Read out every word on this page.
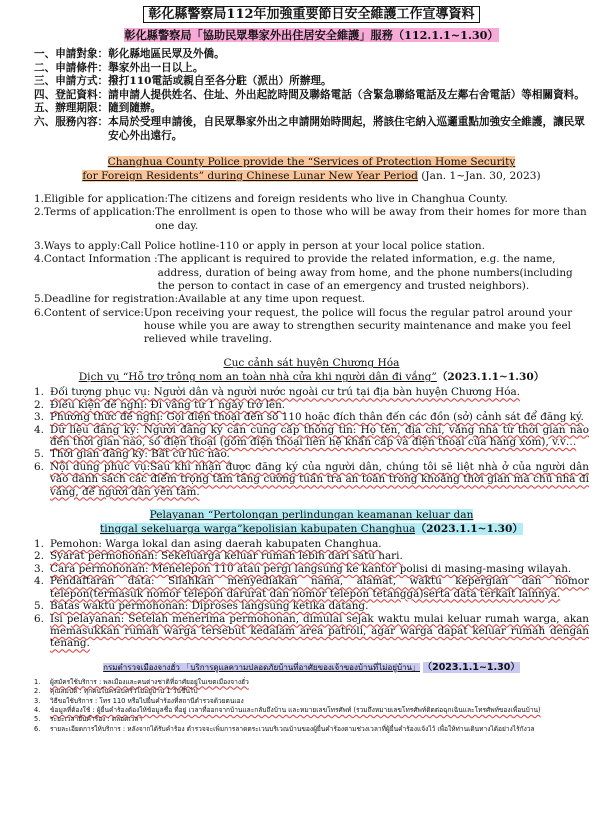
彰化縣警察局112年加強重要節日安全維護工作宣導資料
彰化縣警察局「協助民眾舉家外出住居安全維護」服務（112.1.1~1.30）
一、 申請對象： 彰化縣地區民眾及外僑。
二、 申請條件： 舉家外出一日以上。
三、 申請方式： 撥打110電話或親自至各分駐（派出）所辦理。
四、 登記資料： 請申請人提供姓名、住址、外出起訖時間及聯絡電話（含緊急聯絡電話及左鄰右舍電話）等相關資料。
五、 辦理期限： 隨到隨辦。
六、 服務內容： 本局於受理申請後，自民眾舉家外出之申請開始時間起，將該住宅納入巡邏重點加強安全維護，讓民眾安心外出遠行。
Changhua County Police provide the “Services of Protection Home Security
for Foreign Residents” during Chinese Lunar New Year Period (Jan. 1~Jan. 30, 2023)
1. Eligible for application: The citizens and foreign residents who live in Changhua County.
2. Terms of application: The enrollment is open to those who will be away from their homes for more than one day.
3. Ways to apply: Call Police hotline-110 or apply in person at your local police station.
4. Contact Information : The applicant is required to provide the related information, e.g. the name, address, duration of being away from home, and the phone numbers(including the person to contact in case of an emergency and trusted neighbors).
5. Deadline for registration: Available at any time upon request.
6. Content of service: Upon receiving your request, the police will focus the regular patrol around your house while you are away to strengthen security maintenance and make you feel relieved while traveling.
Cục cảnh sát huyện Chương Hóa
Dịch vụ “Hỗ trợ trông nom an toàn nhà cửa khi người dân đi vắng”（2023.1.1~1.30）
1. Đối tượng phục vụ: Người dân và người nước ngoài cư trú tại địa bàn huyện Chương Hóa.
2. Điều kiện đề nghị: Đi vắng từ 1 ngày trở lên.
3. Phương thức đề nghị: Gọi điện thoại đến số 110 hoặc đích thân đến các đồn (sở) cảnh sát để đăng ký.
4. Dữ liệu đăng ký: Người đăng ký cần cung cấp thông tin: Họ tên, địa chỉ, vắng nhà từ thời gian nào đến thời gian nào, số điện thoại (gồm điện thoại liên hệ khẩn cấp và điện thoại của hàng xóm), v.v…
5. Thời gian đăng ký: Bất cứ lúc nào.
6. Nội dung phục vụ:Sau khi nhận được đăng ký của người dân, chúng tôi sẽ liệt nhà ở của người dân vào danh sách các điểm trọng tâm tăng cường tuần tra an toàn trong khoảng thời gian mà chủ nhà đi vắng, để người dân yên tâm.
Pelayanan “Pertolongan perlindungan keamanan keluar dan
tinggal sekeluarga warga”kepolisian kabupaten Changhua（2023.1.1~1.30）
1. Pemohon: Warga lokal dan asing daerah kabupaten Changhua.
2. Syarat permohonan: Sekeluarga keluar rumah lebih dari satu hari.
3. Cara permohonan: Menelepon 110 atau pergi langsung ke kantor polisi di masing-masing wilayah.
4. Pendaftaran data: Silahkan menyediakan nama, alamat, waktu kepergian dan nomor telepon(termasuk nomor telepon darurat dan nomor telepon tetangga)serta data terkait lainnya.
5. Batas waktu permohonan: Diproses langsung ketika datang.
6. Isi pelayanan: Setelah menerima permohonan, dimulai sejak waktu mulai keluar rumah warga, akan memasukkan rumah warga tersebut kedalam area patroli, agar warga dapat keluar rumah dengan tenang.
กรมตำรวจเมืองจางฮั่ว 「บริการดูแลความปลอดภัยบ้านที่อาศัยของเจ้าของบ้านที่ไม่อยู่บ้าน」 （2023.1.1~1.30）
1.	ผู้สมัครใช้บริการ : พลเมืองและคนต่างชาติที่อาศัยอยู่ในเขตเมืองจางฮั่ว
2.	คุณสมบัติ : ทุกคนในครอบครัวไม่อยู่บ้าน 1 วันขึ้นไป
3.	วิธีขอใช้บริการ : โทร 110 หรือไปยื่นคำร้องที่สถานีตำรวจด้วยตนเอง
4.	ข้อมูลที่ต้องใช้ : ผู้ยื่นคำร้องต้องให้ข้อมูลชื่อ ที่อยู่ เวลาที่ออกจากบ้านและกลับถึงบ้าน และหมายเลขโทรศัพท์ (รวมถึงหมายเลขโทรศัพท์ติดต่อฉุกเฉินและโทรศัพท์ของเพื่อนบ้าน)
5.	ระยะเวลายื่นคำร้อง : ตลอดเวลา
6.	รายละเอียดการให้บริการ : หลังจากได้รับคำร้อง ตำรวจจะเพิ่มการลาดตระเวนบริเวณบ้านของผู้ยื่นคำร้องตามช่วงเวลาที่ผู้ยื่นคำร้องแจ้งไว้ เพื่อให้ท่านเดินทางได้อย่างไร้กังวล
